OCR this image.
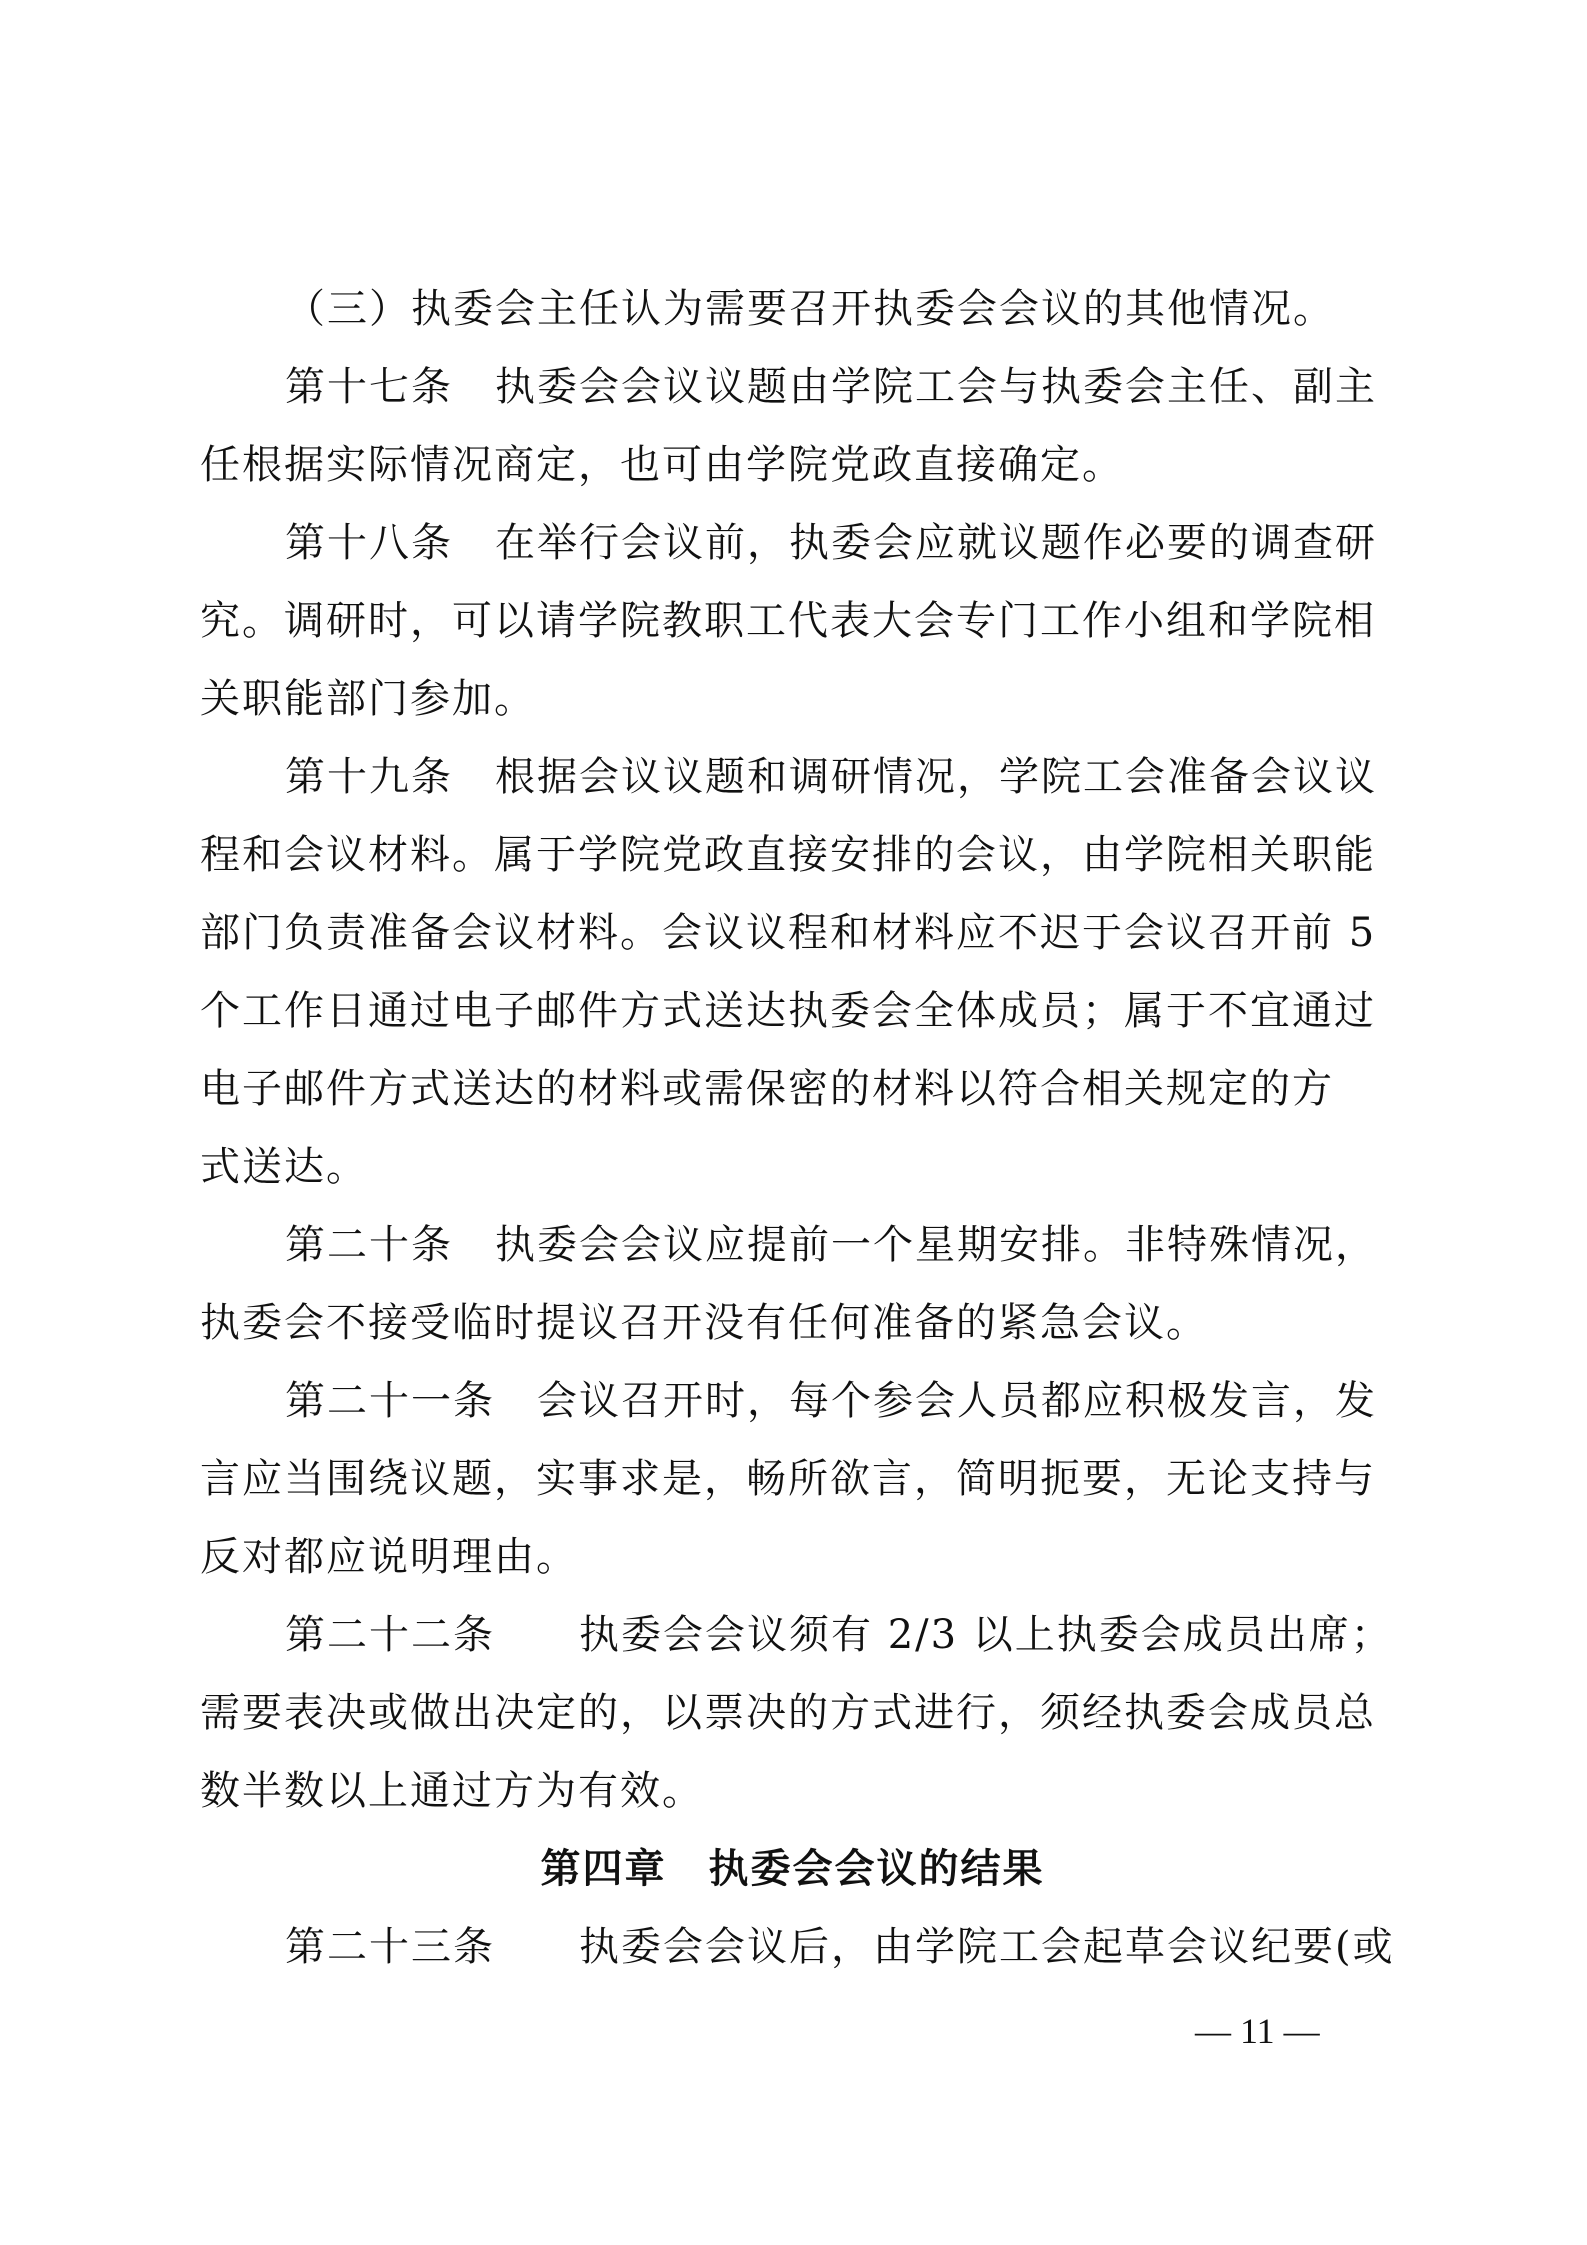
（三）执委会主任认为需要召开执委会会议的其他情况。
第十七条　执委会会议议题由学院工会与执委会主任、副主
任根据实际情况商定，也可由学院党政直接确定。
第十八条　在举行会议前，执委会应就议题作必要的调查研
究。调研时，可以请学院教职工代表大会专门工作小组和学院相
关职能部门参加。
第十九条　根据会议议题和调研情况，学院工会准备会议议
程和会议材料。属于学院党政直接安排的会议，由学院相关职能
部门负责准备会议材料。会议议程和材料应不迟于会议召开前 5
个工作日通过电子邮件方式送达执委会全体成员；属于不宜通过
电子邮件方式送达的材料或需保密的材料以符合相关规定的方
式送达。
第二十条　执委会会议应提前一个星期安排。非特殊情况，
执委会不接受临时提议召开没有任何准备的紧急会议。
第二十一条　会议召开时，每个参会人员都应积极发言，发
言应当围绕议题，实事求是，畅所欲言，简明扼要，无论支持与
反对都应说明理由。
第二十二条　　执委会会议须有 2/3 以上执委会成员出席；
需要表决或做出决定的，以票决的方式进行，须经执委会成员总
数半数以上通过方为有效。
第四章　执委会会议的结果
第二十三条　　执委会会议后，由学院工会起草会议纪要(或
— 11 —
